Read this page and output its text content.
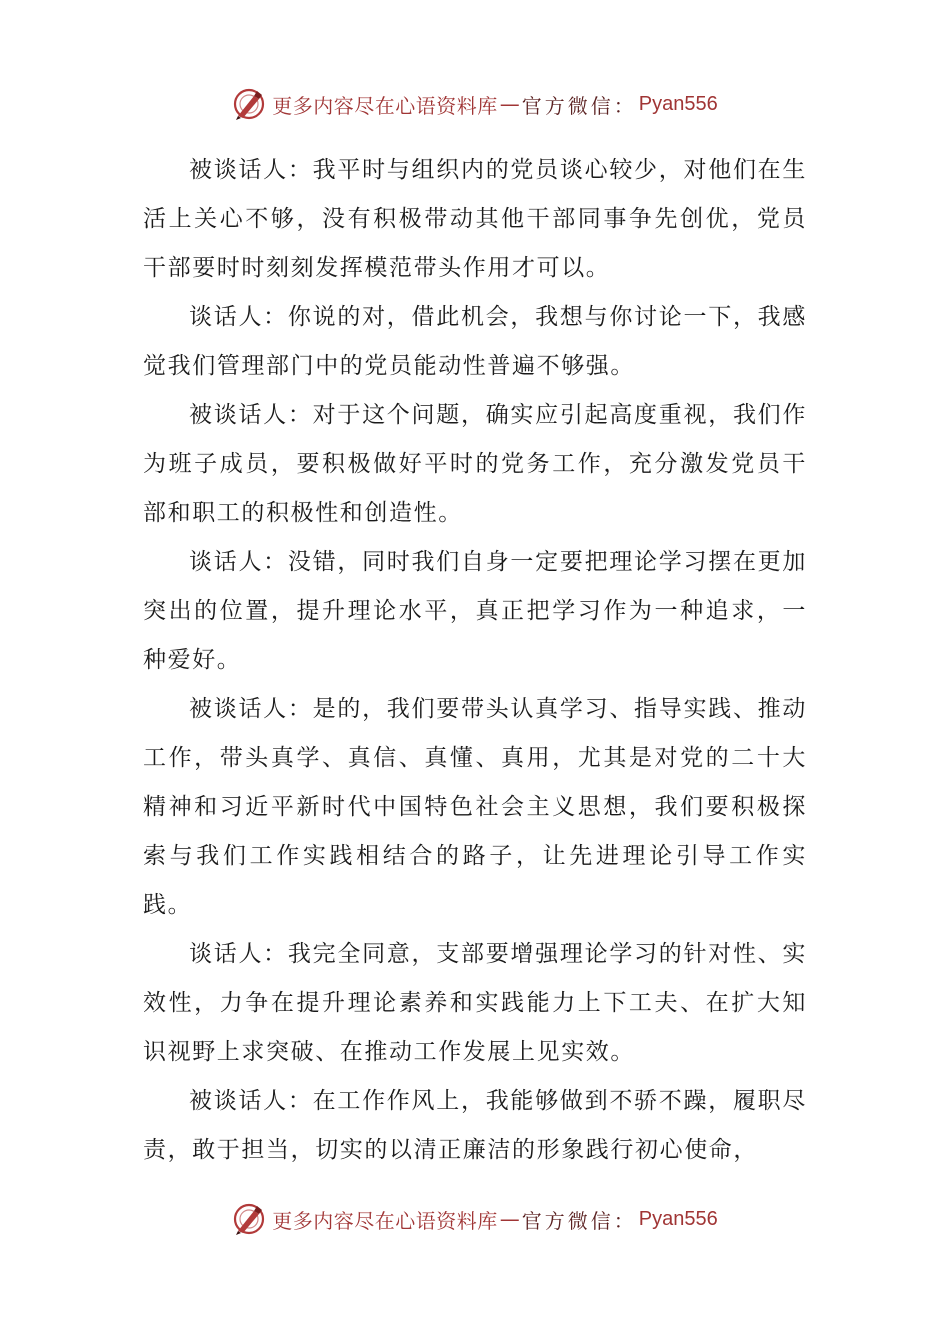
更多内容尽在心语资料库 — 官方微信： Pyan556

被谈话人：我平时与组织内的党员谈心较少，对他们在生活上关心不够，没有积极带动其他干部同事争先创优，党员干部要时时刻刻发挥模范带头作用才可以。

谈话人：你说的对，借此机会，我想与你讨论一下，我感觉我们管理部门中的党员能动性普遍不够强。

被谈话人：对于这个问题，确实应引起高度重视，我们作为班子成员，要积极做好平时的党务工作，充分激发党员干部和职工的积极性和创造性。

谈话人：没错，同时我们自身一定要把理论学习摆在更加突出的位置，提升理论水平，真正把学习作为一种追求，一种爱好。

被谈话人：是的，我们要带头认真学习、指导实践、推动工作，带头真学、真信、真懂、真用，尤其是对党的二十大精神和习近平新时代中国特色社会主义思想，我们要积极探索与我们工作实践相结合的路子，让先进理论引导工作实践。

谈话人：我完全同意，支部要增强理论学习的针对性、实效性，力争在提升理论素养和实践能力上下工夫、在扩大知识视野上求突破、在推动工作发展上见实效。

被谈话人：在工作作风上，我能够做到不骄不躁，履职尽责，敢于担当，切实的以清正廉洁的形象践行初心使命，

更多内容尽在心语资料库 — 官方微信： Pyan556
